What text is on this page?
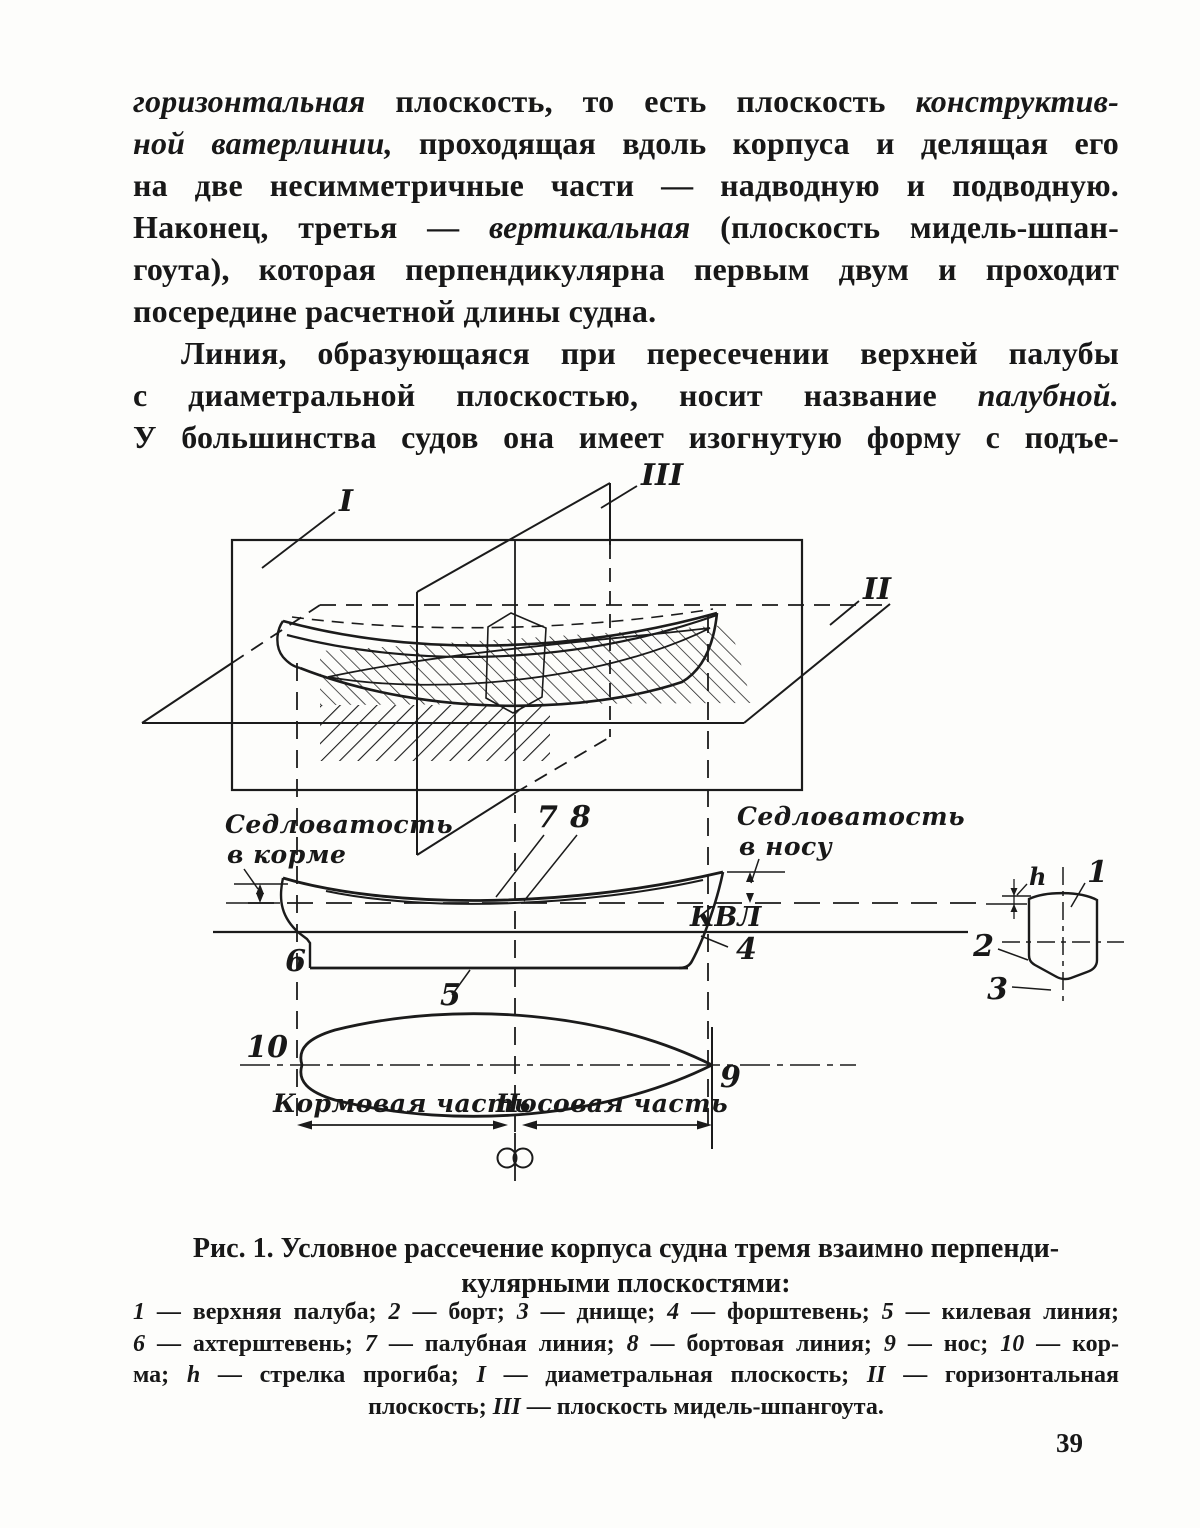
горизонтальная плоскость, то есть плоскость конструктив-
ной ватерлинии, проходящая вдоль корпуса и делящая его
на две несимметричные части — надводную и подводную.
Наконец, третья — вертикальная (плоскость мидель-шпан-
гоута), которая перпендикулярна первым двум и проходит
посередине расчетной длины судна.
Линия, образующаяся при пересечении верхней палубы
с диаметральной плоскостью, носит название палубной.
У большинства судов она имеет изогнутую форму с подъе-
I
III
II
Седловатость
в корме
Седловатость
в носу
КВЛ
7 8
6
5
4
10
9
Кормовая часть
Носовая часть
h 1
2
3
Рис. 1. Условное рассечение корпуса судна тремя взаимно перпенди-
кулярными плоскостями:
1 — верхняя палуба; 2 — борт; 3 — днище; 4 — форштевень; 5 — килевая линия;
6 — ахтерштевень; 7 — палубная линия; 8 — бортовая линия; 9 — нос; 10 — кор-
ма; h — стрелка прогиба; I — диаметральная плоскость; II — горизонтальная
плоскость; III — плоскость мидель-шпангоута.
39
